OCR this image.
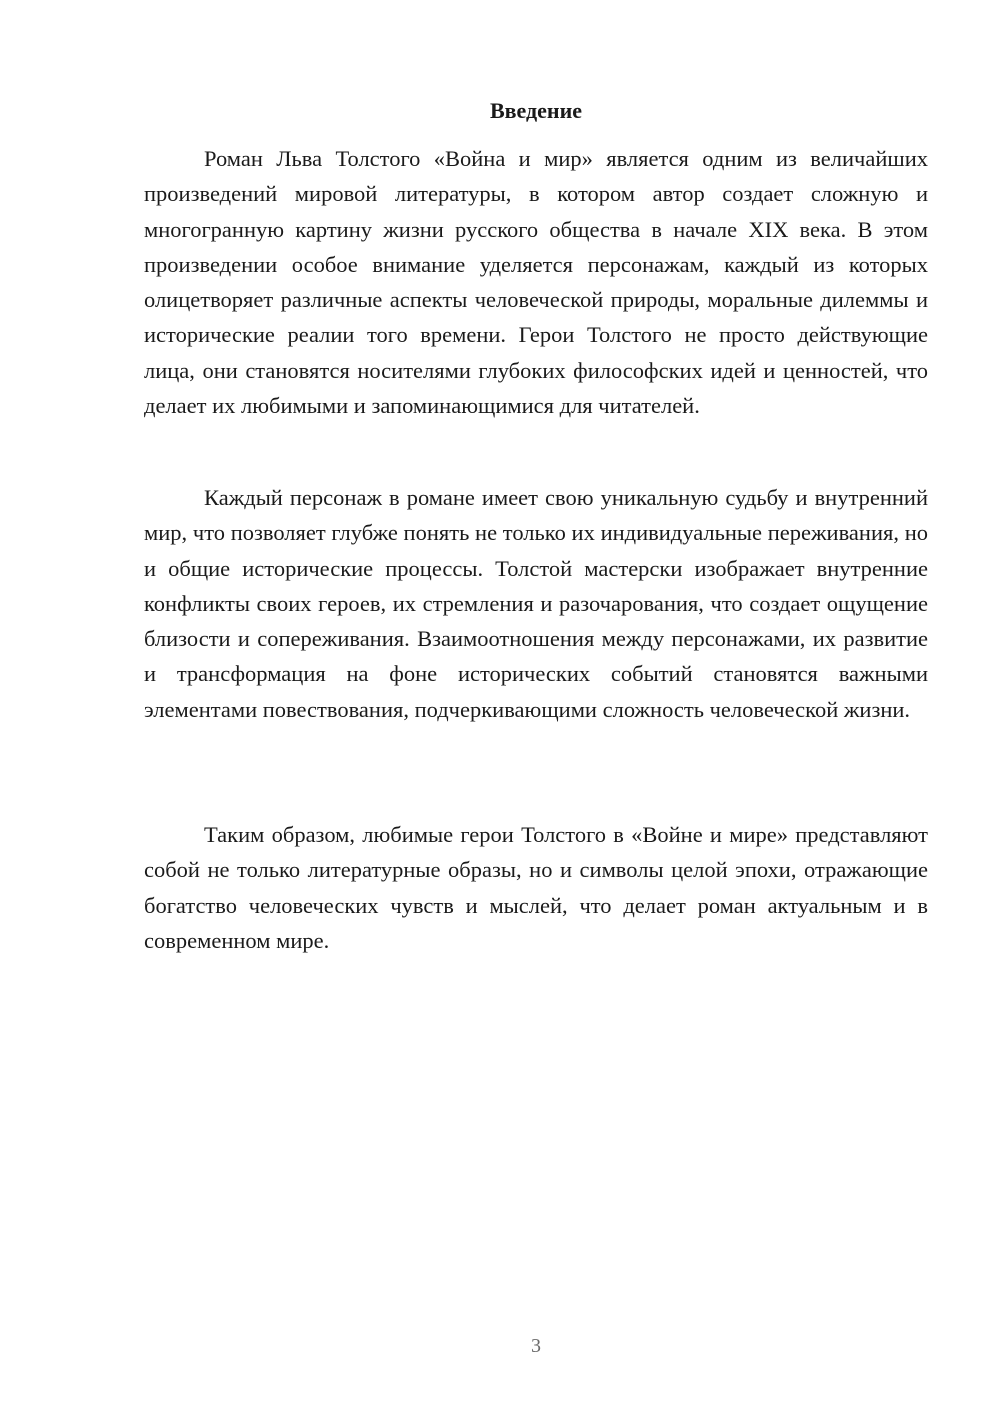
Введение

Роман Льва Толстого «Война и мир» является одним из величайших произведений мировой литературы, в котором автор создает сложную и многогранную картину жизни русского общества в начале XIX века. В этом произведении особое внимание уделяется персонажам, каждый из которых олицетворяет различные аспекты человеческой природы, моральные дилеммы и исторические реалии того времени. Герои Толстого не просто действующие лица, они становятся носителями глубоких философских идей и ценностей, что делает их любимыми и запоминающимися для читателей.

Каждый персонаж в романе имеет свою уникальную судьбу и внутренний мир, что позволяет глубже понять не только их индивидуальные переживания, но и общие исторические процессы. Толстой мастерски изображает внутренние конфликты своих героев, их стремления и разочарования, что создает ощущение близости и сопереживания. Взаимоотношения между персонажами, их развитие и трансформация на фоне исторических событий становятся важными элементами повествования, подчеркивающими сложность человеческой жизни.

Таким образом, любимые герои Толстого в «Войне и мире» представляют собой не только литературные образы, но и символы целой эпохи, отражающие богатство человеческих чувств и мыслей, что делает роман актуальным и в современном мире.

3
